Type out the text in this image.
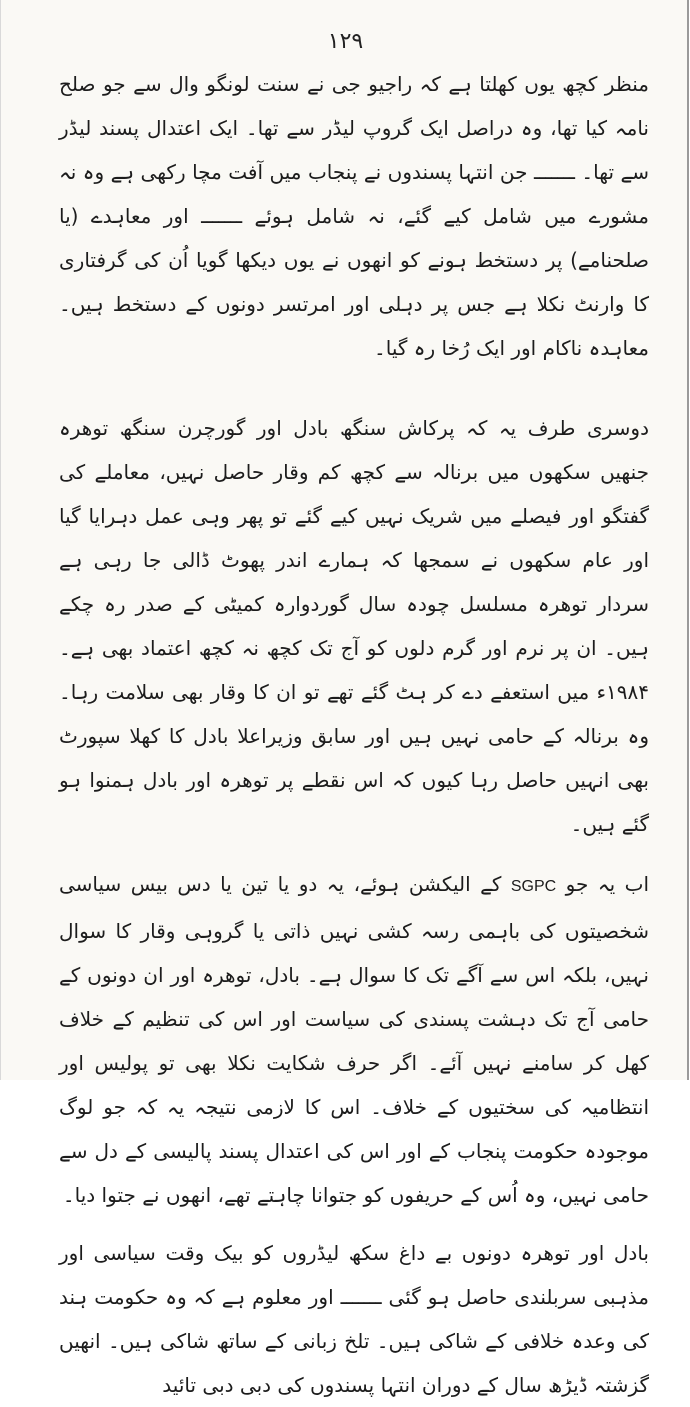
١٢٩

منظر کچھ یوں کھلتا ہے کہ راجیو جی نے سنت لونگو وال سے جو صلح نامہ کیا تھا، وہ دراصل ایک گروپ لیڈر سے تھا۔ ایک اعتدال پسند لیڈر سے تھا۔ ـــــــ جن انتہا پسندوں نے پنجاب میں آفت مچا رکھی ہے وہ نہ مشورے میں شامل کیے گئے، نہ شامل ہوئے ـــــــ اور معاہدے (یا صلحنامے) پر دستخط ہونے کو انھوں نے یوں دیکھا گویا اُن کی گرفتاری کا وارنٹ نکلا ہے جس پر دہلی اور امرتسر دونوں کے دستخط ہیں۔ معاہدہ ناکام اور ایک رُخا رہ گیا۔

دوسری طرف یہ کہ پرکاش سنگھ بادل اور گورچرن سنگھ توھرہ جنھیں سکھوں میں برنالہ سے کچھ کم وقار حاصل نہیں، معاملے کی گفتگو اور فیصلے میں شریک نہیں کیے گئے تو پھر وہی عمل دہرایا گیا اور عام سکھوں نے سمجھا کہ ہمارے اندر پھوٹ ڈالی جا رہی ہے سردار توھرہ مسلسل چودہ سال گوردوارہ کمیٹی کے صدر رہ چکے ہیں۔ ان پر نرم اور گرم دلوں کو آج تک کچھ نہ کچھ اعتماد بھی ہے۔ ۱۹۸۴ء میں استعفے دے کر ہٹ گئے تھے تو ان کا وقار بھی سلامت رہا۔ وہ برنالہ کے حامی نہیں ہیں اور سابق وزیراعلا بادل کا کھلا سپورٹ بھی انہیں حاصل رہا کیوں کہ اس نقطے پر توھرہ اور بادل ہمنوا ہو گئے ہیں۔

اب یہ جو SGPC کے الیکشن ہوئے، یہ دو یا تین یا دس بیس سیاسی شخصیتوں کی باہمی رسہ کشی نہیں ذاتی یا گروہی وقار کا سوال نہیں، بلکہ اس سے آگے تک کا سوال ہے۔ بادل، توھرہ اور ان دونوں کے حامی آج تک دہشت پسندی کی سیاست اور اس کی تنظیم کے خلاف کھل کر سامنے نہیں آئے۔ اگر حرف شکایت نکلا بھی تو پولیس اور انتظامیہ کی سختیوں کے خلاف۔ اس کا لازمی نتیجہ یہ کہ جو لوگ موجودہ حکومت پنجاب کے اور اس کی اعتدال پسند پالیسی کے دل سے حامی نہیں، وہ اُس کے حریفوں کو جتوانا چاہتے تھے، انھوں نے جتوا دیا۔

بادل اور توھرہ دونوں بے داغ سکھ لیڈروں کو بیک وقت سیاسی اور مذہبی سربلندی حاصل ہو گئی ـــــــ اور معلوم ہے کہ وہ حکومت ہند کی وعدہ خلافی کے شاکی ہیں۔ تلخ زبانی کے ساتھ شاکی ہیں۔ انھیں گزشتہ ڈیڑھ سال کے دوران انتہا پسندوں کی دبی دبی تائید
